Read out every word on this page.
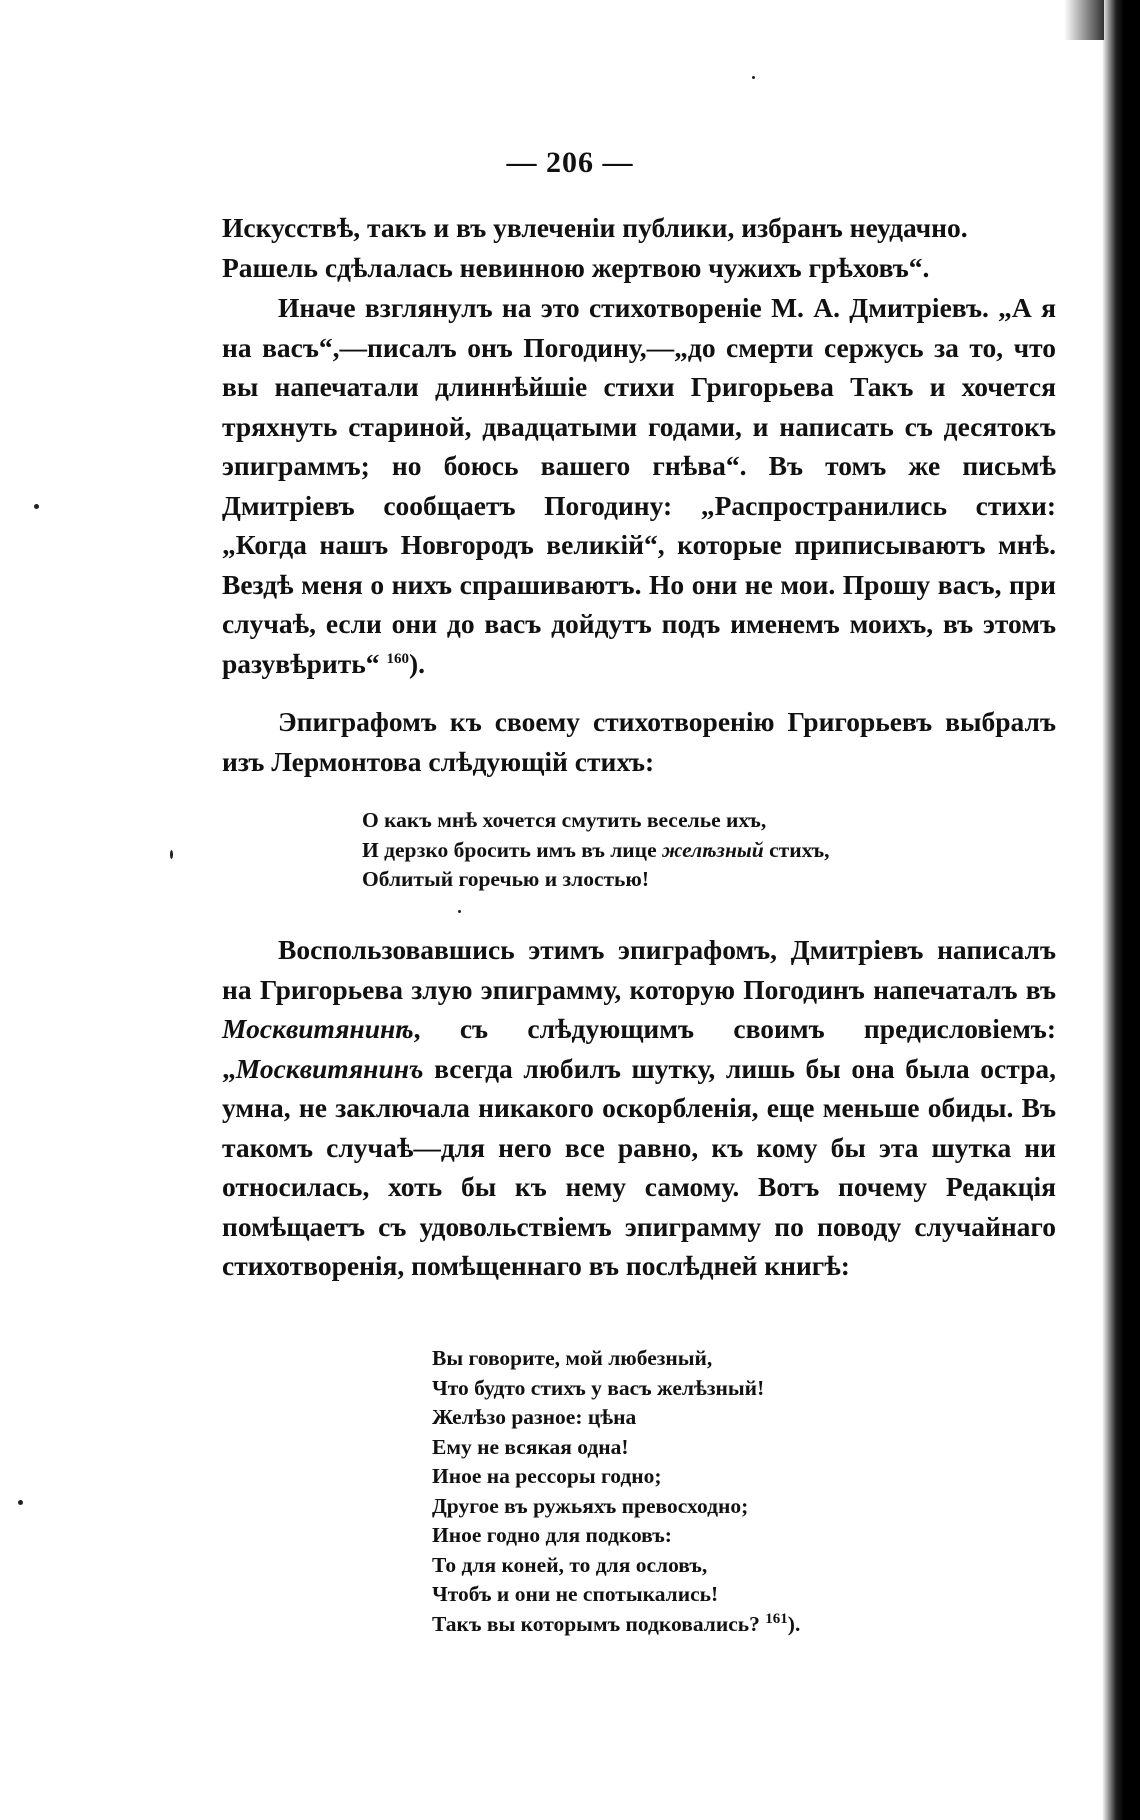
— 206 —

Искусствѣ, такъ и въ увлеченіи публики, избранъ неудачно.

Рашель сдѣлалась невинною жертвою чужихъ грѣховъ“.

Иначе взглянулъ на это стихотвореніе М. А. Дмитріевъ. „А я на васъ“,—писалъ онъ Погодину,—„до смерти сержусь за то, что вы напечатали длиннѣйшіе стихи Григорьева Такъ и хочется тряхнуть стариной, двадцатыми годами, и написать съ десятокъ эпиграммъ; но боюсь вашего гнѣва“. Въ томъ же письмѣ Дмитріевъ сообщаетъ Погодину: „Распространились стихи: „Когда нашъ Новгородъ великій“, которые приписываютъ мнѣ. Вездѣ меня о нихъ спрашиваютъ. Но они не мои. Прошу васъ, при случаѣ, если они до васъ дойдутъ подъ именемъ моихъ, въ этомъ разувѣрить“ $^{160}$).

Эпиграфомъ къ своему стихотворенію Григорьевъ выбралъ изъ Лермонтова слѣдующій стихъ:

О какъ мнѣ хочется смутить веселье ихъ,
И дерзко бросить имъ въ лице желѣзный стихъ,
Облитый горечью и злостью!

Воспользовавшись этимъ эпиграфомъ, Дмитріевъ написалъ на Григорьева злую эпиграмму, которую Погодинъ напечаталъ въ Москвитянинѣ, съ слѣдующимъ своимъ предисловіемъ: „Москвитянинъ всегда любилъ шутку, лишь бы она была остра, умна, не заключала никакого оскорбленія, еще меньше обиды. Въ такомъ случаѣ—для него все равно, къ кому бы эта шутка ни относилась, хоть бы къ нему самому. Вотъ почему Редакція помѣщаетъ съ удовольствіемъ эпиграмму по поводу случайнаго стихотворенія, помѣщеннаго въ послѣдней книгѣ:

Вы говорите, мой любезный,
Что будто стихъ у васъ желѣзный!
Желѣзо разное: цѣна
Ему не всякая одна!
Иное на рессоры годно;
Другое въ ружьяхъ превосходно;
Иное годно для подковъ:
То для коней, то для ословъ,
Чтобъ и они не спотыкались!
Такъ вы которымъ подковались? $^{161}$).
